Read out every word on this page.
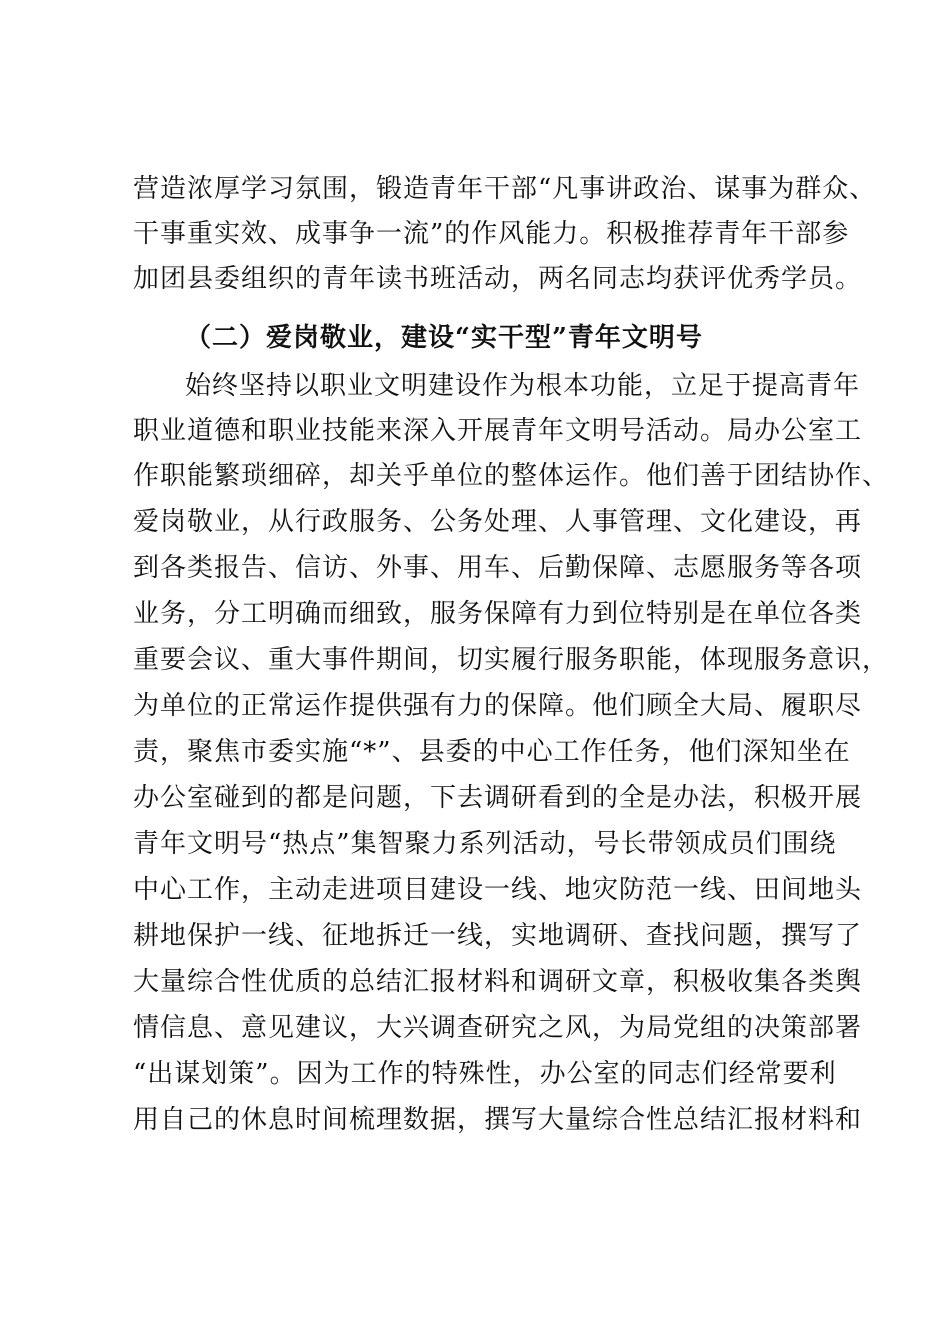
营造浓厚学习氛围，锻造青年干部“凡事讲政治、谋事为群众、
干事重实效、成事争一流”的作风能力。积极推荐青年干部参
加团县委组织的青年读书班活动，两名同志均获评优秀学员。
（二）爱岗敬业，建设“实干型”青年文明号
始终坚持以职业文明建设作为根本功能，立足于提高青年
职业道德和职业技能来深入开展青年文明号活动。局办公室工
作职能繁琐细碎，却关乎单位的整体运作。他们善于团结协作、
爱岗敬业，从行政服务、公务处理、人事管理、文化建设，再
到各类报告、信访、外事、用车、后勤保障、志愿服务等各项
业务，分工明确而细致，服务保障有力到位特别是在单位各类
重要会议、重大事件期间，切实履行服务职能，体现服务意识，
为单位的正常运作提供强有力的保障。他们顾全大局、履职尽
责，聚焦市委实施“*”、县委的中心工作任务，他们深知坐在
办公室碰到的都是问题，下去调研看到的全是办法，积极开展
青年文明号“热点”集智聚力系列活动，号长带领成员们围绕
中心工作，主动走进项目建设一线、地灾防范一线、田间地头
耕地保护一线、征地拆迁一线，实地调研、查找问题，撰写了
大量综合性优质的总结汇报材料和调研文章，积极收集各类舆
情信息、意见建议，大兴调查研究之风，为局党组的决策部署
“出谋划策”。因为工作的特殊性，办公室的同志们经常要利
用自己的休息时间梳理数据，撰写大量综合性总结汇报材料和
